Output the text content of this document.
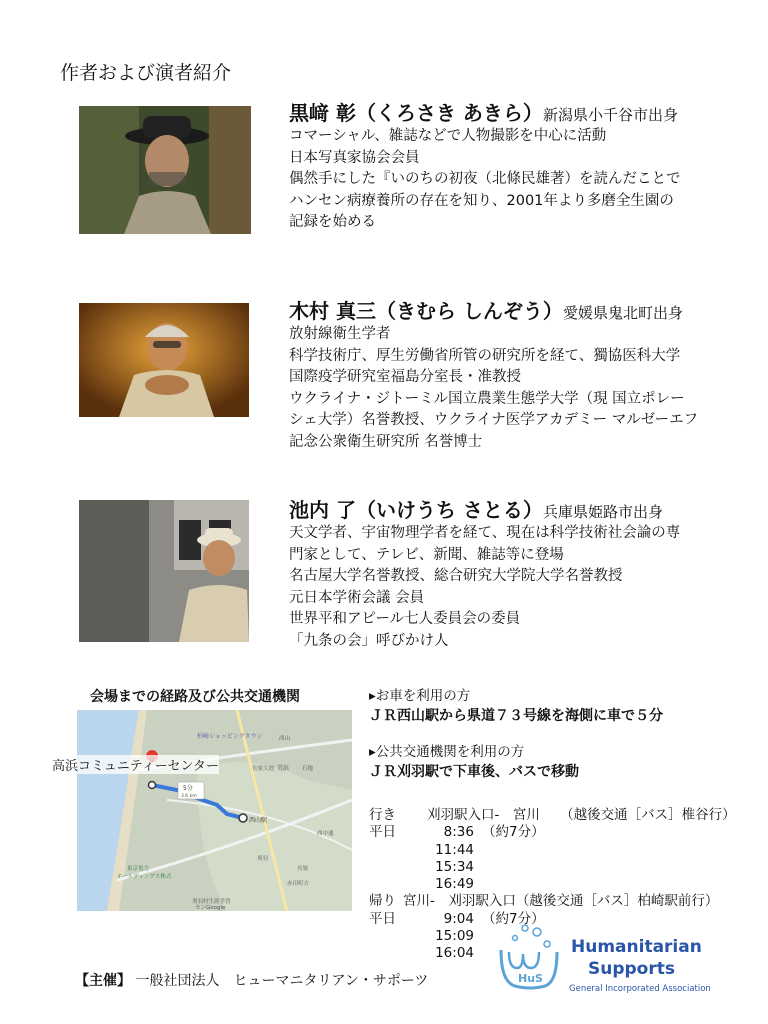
作者および演者紹介
黒﨑 彰（くろさき あきら）新潟県小千谷市出身
コマーシャル、雑誌などで人物撮影を中心に活動
日本写真家協会会員
偶然手にした『いのちの初夜（北條民雄著）を読んだことで
ハンセン病療養所の存在を知り、2001年より多磨全生園の
記録を始める
木村 真三（きむら しんぞう）愛媛県鬼北町出身
放射線衛生学者
科学技術庁、厚生労働省所管の研究所を経て、獨協医科大学
国際疫学研究室福島分室長・准教授
ウクライナ・ジトーミル国立農業生態学大学（現 国立ポレー
シェ大学）名誉教授、ウクライナ医学アカデミー マルゼーエフ
記念公衆衛生研究所 名誉博士
池内 了（いけうち さとる）兵庫県姫路市出身
天文学者、宇宙物理学者を経て、現在は科学技術社会論の専
門家として、テレビ、新聞、雑誌等に登場
名古屋大学名誉教授、総合研究大学院大学名誉教授
元日本学術会議 会員
世界平和アピール七人委員会の委員
「九条の会」呼びかけ人
会場までの経路及び公共交通機関
5分
3.6 km
柏崎ショッピングタウン
荒浜
西山駅
西山
長嶺大池	石地
東京電力
ホールディングス株式
刈羽村生涯学習
センGoogle
刈羽
西中通
長嶺
赤田町方
高浜コミュニティーセンター
▸お車を利用の方
ＪＲ西山駅から県道７３号線を海側に車で５分
▸公共交通機関を利用の方
ＪＲ刈羽駅で下車後、バスで移動
行き	刈羽駅入口-　宮川　　（越後交通［バス］椎谷行）
平日	8:36 （約7分）
11:44
15:34
16:49
帰り 宮川-　刈羽駅入口（越後交通［バス］柏崎駅前行）
平日	9:04 （約7分）
15:09
16:04
【主催】 一般社団法人　ヒューマニタリアン・サポーツ	HuS
Humanitarian
Supports
General Incorporated Association
